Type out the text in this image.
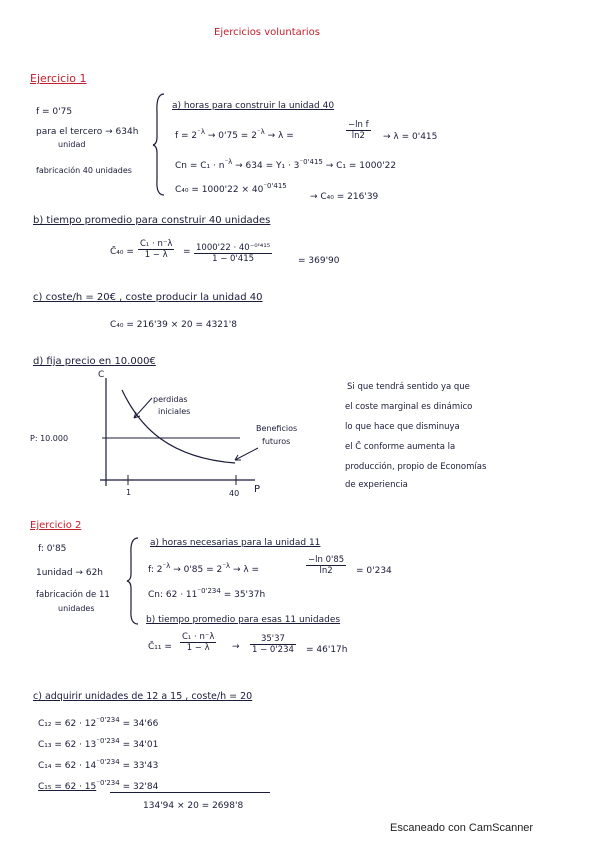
Ejercicios voluntarios
Ejercicio 1
f = 0'75
para el tercero → 634h
unidad
fabricación 40 unidades
a) horas para construir la unidad 40
$f = 2^{^-\lambda} \to 0'75 = 2^{^-\lambda} \to \lambda$ =	$\frac{\text{−ln f}}{\ln 2} \to \lambda = 0'415$
$Cn = C_1 \cdot n^{^-\lambda} \to 634 = Y_1 \cdot 3^{^-0'415} \to C_1 = 1000'22$
$C_{40} = 1000'22 \times 40^{^-0'415}$
→ C₄₀ = 216'39
b) tiempo promedio para construir 40 unidades
C̄₄₀ = $\frac{\text{C₁ · n⁻λ}}{1 - \lambda} = \frac{\text{1000'22 · 40⁻⁰'⁴¹⁵}}{1 - 0'415}$	= 369'90
c) coste/h = 20€ , coste producir la unidad 40
C₄₀ = 216'39 × 20 = 4321'8
d) fija precio en 10.000€
C
P: 10.000
1	40 P
perdidas
iniciales
Beneficios
futuros
Si que tendrá sentido ya que
el coste marginal es dinámico
lo que hace que disminuya
el C̄ conforme aumenta la
producción, propio de Economías
de experiencia
Ejercicio 2
f: 0'85
1unidad → 62h
fabricación de 11
unidades
a) horas necesarias para la unidad 11
f: $2^{^-\lambda} \to 0'85 = 2^{^-\lambda} \to \lambda$ =	$\frac{-\ln 0'85}{\ln 2} = 0'234$
Cn: $62 \cdot 11^{^-0'234} = 35'37h$
b) tiempo promedio para esas 11 unidades
C̄₁₁ = $\frac{\text{C₁ · n⁻λ}}{1 - \lambda} \to \frac{35'37}{1 - 0'234} = 46'17h$
c) adquirir unidades de 12 a 15 , coste/h = 20
$C_{12} = 62 \cdot 12^{^-0'234} = 34'66$
$C_{13} = 62 \cdot 13^{^-0'234} = 34'01$
$C_{14} = 62 \cdot 14^{^-0'234} = 33'43$
$C_{15} = 62 \cdot 15^{^-0'234} = 32'84$
134'94 × 20 = 2698'8
Escaneado con CamScanner
